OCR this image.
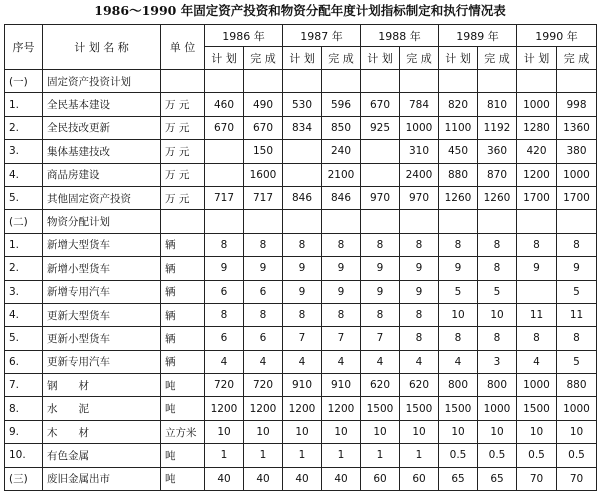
1986～1990 年固定资产投资和物资分配年度计划指标制定和执行情况表
序号	计 划 名 称	单 位	1986 年		1987 年		1988 年		1989 年		1990 年	
			计 划	完 成	计 划	完 成	计 划	完 成	计 划	完 成	计 划	完 成
(一)	固定资产投资计划											
1.	全民基本建设	万 元	460	490	530	596	670	784	820	810	1000	998
2.	全民技改更新	万 元	670	670	834	850	925	1000	1100	1192	1280	1360
3.	集体基建技改	万 元		150		240		310	450	360	420	380
4.	商品房建设	万 元		1600		2100		2400	880	870	1200	1000
5.	其他固定资产投资	万 元	717	717	846	846	970	970	1260	1260	1700	1700
(二)	物资分配计划											
1.	新增大型货车	辆	8	8	8	8	8	8	8	8	8	8
2.	新增小型货车	辆	9	9	9	9	9	9	9	8	9	9
3.	新增专用汽车	辆	6	6	9	9	9	9	5	5		5
4.	更新大型货车	辆	8	8	8	8	8	8	10	10	11	11
5.	更新小型货车	辆	6	6	7	7	7	8	8	8	8	8
6.	更新专用汽车	辆	4	4	4	4	4	4	4	3	4	5
7.	钢　　材	吨	720	720	910	910	620	620	800	800	1000	880
8.	水　　泥	吨	1200	1200	1200	1200	1500	1500	1500	1000	1500	1000
9.	木　　材	立方米	10	10	10	10	10	10	10	10	10	10
10.	有色金属	吨	1	1	1	1	1	1	0.5	0.5	0.5	0.5
(三)	废旧金属出市	吨	40	40	40	40	60	60	65	65	70	70
